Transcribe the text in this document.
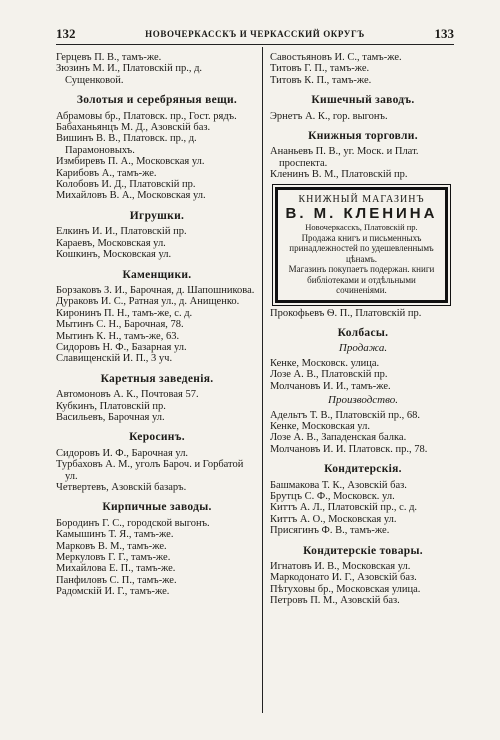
132	НОВОЧЕРКАССКЪ И ЧЕРКАССКИЙ ОКРУГЪ	133
Герцевъ П. В., тамъ-же.
Зюзинъ М. И., Платовскій пр., д. Сущенковой.
Золотыя и серебряныя вещи.
Абрамовы бр., Платовск. пр., Гост. рядъ.
Бабаханьянцъ М. Д., Азовскій баз.
Вишинъ В. В., Платовск. пр., д. Парамоновыхъ.
Измбиревъ П. А., Московская ул.
Карибовъ А., тамъ-же.
Колобовъ И. Д., Платовскій пр.
Михайловъ В. А., Московская ул.
Игрушки.
Елкинъ И. И., Платовскій пр.
Караевъ, Московская ул.
Кошкинъ, Московская ул.
Каменщики.
Борзаковъ З. И., Барочная, д. Шапошникова.
Дураковъ И. С., Ратная ул., д. Анищенко.
Киронинъ П. Н., тамъ-же, с. д.
Мытинъ С. Н., Барочная, 78.
Мытинъ К. Н., тамъ-же, 63.
Сидоровъ Н. Ф., Базарная ул.
Славищенскій И. П., 3 уч.
Каретныя заведенія.
Автомоновъ А. К., Почтовая 57.
Кубкинъ, Платовскій пр.
Васильевъ, Барочная ул.
Керосинъ.
Сидоровъ И. Ф., Барочная ул.
Турбаховъ А. М., уголъ Бароч. и Горбатой ул.
Четвертевъ, Азовскій базаръ.
Кирпичные заводы.
Бородинъ Г. С., городской выгонъ.
Камышинъ Т. Я., тамъ-же.
Марковъ В. М., тамъ-же.
Меркуловъ Г. Г., тамъ-же.
Михайлова Е. П., тамъ-же.
Панфиловъ С. П., тамъ-же.
Радомскій И. Г., тамъ-же.
Савостьяновъ И. С., тамъ-же.
Титовъ Г. П., тамъ-же.
Титовъ К. П., тамъ-же.
Кишечный заводъ.
Эрнетъ А. К., гор. выгонъ.
Книжныя торговли.
Ананьевъ П. В., уг. Моск. и Плат. проспекта.
Кленинъ В. М., Платовскій пр.
КНИЖНЫЙ МАГАЗИНЪ
В. М. КЛЕНИНА
Новочеркасскъ, Платовскій пр.
Продажа книгъ и письменныхъ принадлежностей по удешевленнымъ цѣнамъ.
Магазинъ покупаетъ подержан. книги библіотеками и отдѣльными сочиненіями.
Прокофьевъ Ѳ. П., Платовскій пр.
Колбасы.
Продажа.
Кенке, Московск. улица.
Лозе А. В., Платовскій пр.
Молчановъ И. И., тамъ-же.
Производство.
Адельтъ Т. В., Платовскій пр., 68.
Кенке, Московская ул.
Лозе А. В., Западенская балка.
Молчановъ И. И. Платовск. пр., 78.
Кондитерскія.
Башмакова Т. К., Азовскій баз.
Брутцъ С. Ф., Московск. ул.
Киттъ А. Л., Платовскій пр., с. д.
Киттъ А. О., Московская ул.
Присягинъ Ф. В., тамъ-же.
Кондитерскіе товары.
Игнатовъ И. В., Московская ул.
Маркодонато И. Г., Азовскій баз.
Пѣтуховы бр., Московская улица.
Петровъ П. М., Азовскій баз.
